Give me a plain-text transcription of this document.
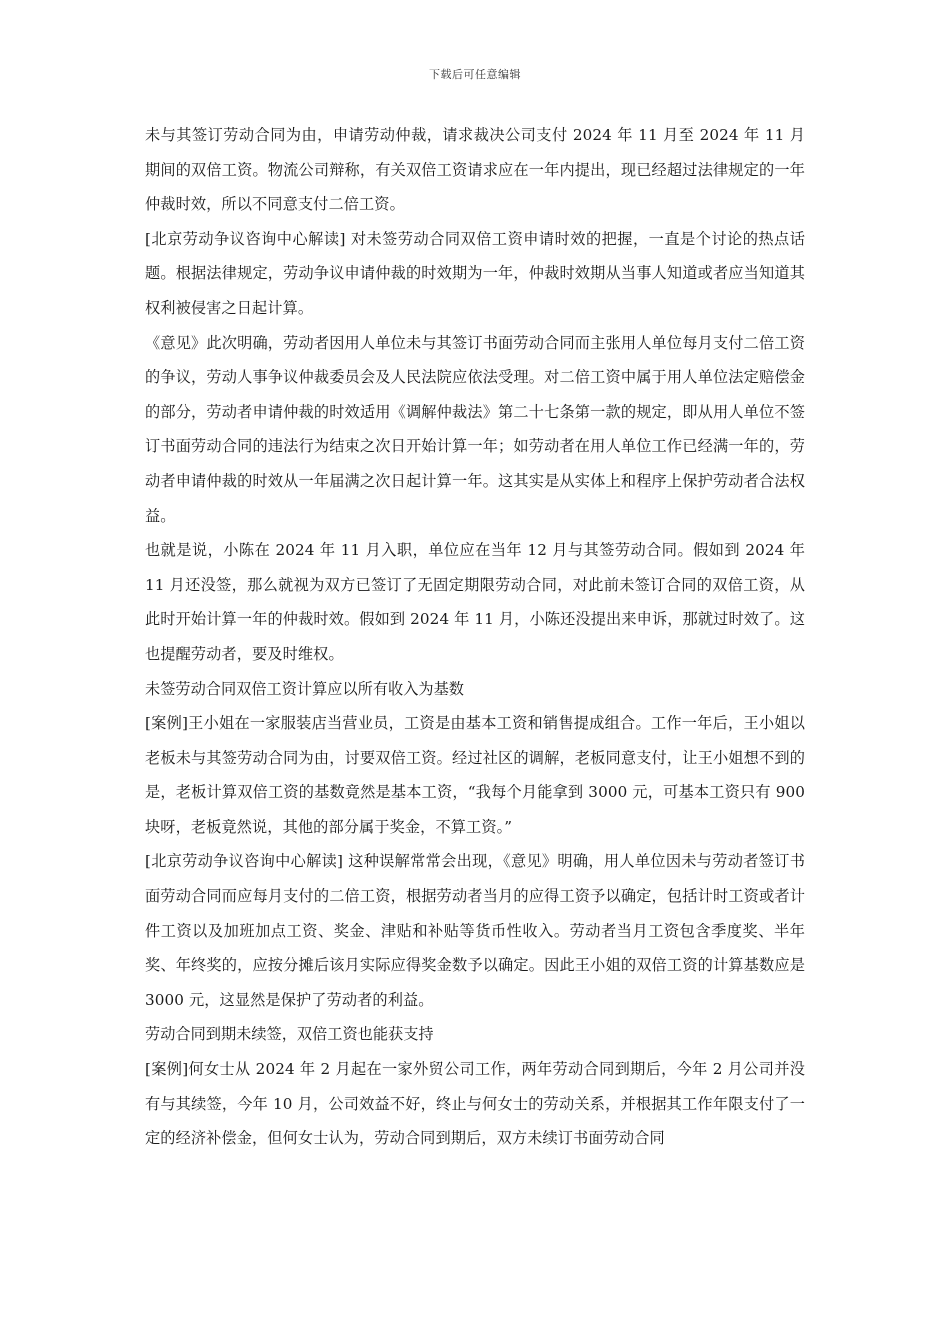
下载后可任意编辑

未与其签订劳动合同为由，申请劳动仲裁，请求裁决公司支付 2024 年 11 月至 2024 年 11 月期间的双倍工资。物流公司辩称，有关双倍工资请求应在一年内提出，现已经超过法律规定的一年仲裁时效，所以不同意支付二倍工资。

[北京劳动争议咨询中心解读] 对未签劳动合同双倍工资申请时效的把握，一直是个讨论的热点话题。根据法律规定，劳动争议申请仲裁的时效期为一年，仲裁时效期从当事人知道或者应当知道其权利被侵害之日起计算。

《意见》此次明确，劳动者因用人单位未与其签订书面劳动合同而主张用人单位每月支付二倍工资的争议，劳动人事争议仲裁委员会及人民法院应依法受理。对二倍工资中属于用人单位法定赔偿金的部分，劳动者申请仲裁的时效适用《调解仲裁法》第二十七条第一款的规定，即从用人单位不签订书面劳动合同的违法行为结束之次日开始计算一年；如劳动者在用人单位工作已经满一年的，劳动者申请仲裁的时效从一年届满之次日起计算一年。这其实是从实体上和程序上保护劳动者合法权益。

也就是说，小陈在 2024 年 11 月入职，单位应在当年 12 月与其签劳动合同。假如到 2024 年 11 月还没签，那么就视为双方已签订了无固定期限劳动合同，对此前未签订合同的双倍工资，从此时开始计算一年的仲裁时效。假如到 2024 年 11 月，小陈还没提出来申诉，那就过时效了。这也提醒劳动者，要及时维权。

未签劳动合同双倍工资计算应以所有收入为基数

[案例]王小姐在一家服装店当营业员，工资是由基本工资和销售提成组合。工作一年后，王小姐以老板未与其签劳动合同为由，讨要双倍工资。经过社区的调解，老板同意支付，让王小姐想不到的是，老板计算双倍工资的基数竟然是基本工资，“我每个月能拿到 3000 元，可基本工资只有 900 块呀，老板竟然说，其他的部分属于奖金，不算工资。”

[北京劳动争议咨询中心解读] 这种误解常常会出现，《意见》明确，用人单位因未与劳动者签订书面劳动合同而应每月支付的二倍工资，根据劳动者当月的应得工资予以确定，包括计时工资或者计件工资以及加班加点工资、奖金、津贴和补贴等货币性收入。劳动者当月工资包含季度奖、半年奖、年终奖的，应按分摊后该月实际应得奖金数予以确定。因此王小姐的双倍工资的计算基数应是 3000 元，这显然是保护了劳动者的利益。

劳动合同到期未续签，双倍工资也能获支持

[案例]何女士从 2024 年 2 月起在一家外贸公司工作，两年劳动合同到期后，今年 2 月公司并没有与其续签，今年 10 月，公司效益不好，终止与何女士的劳动关系，并根据其工作年限支付了一定的经济补偿金，但何女士认为，劳动合同到期后，双方未续订书面劳动合同
